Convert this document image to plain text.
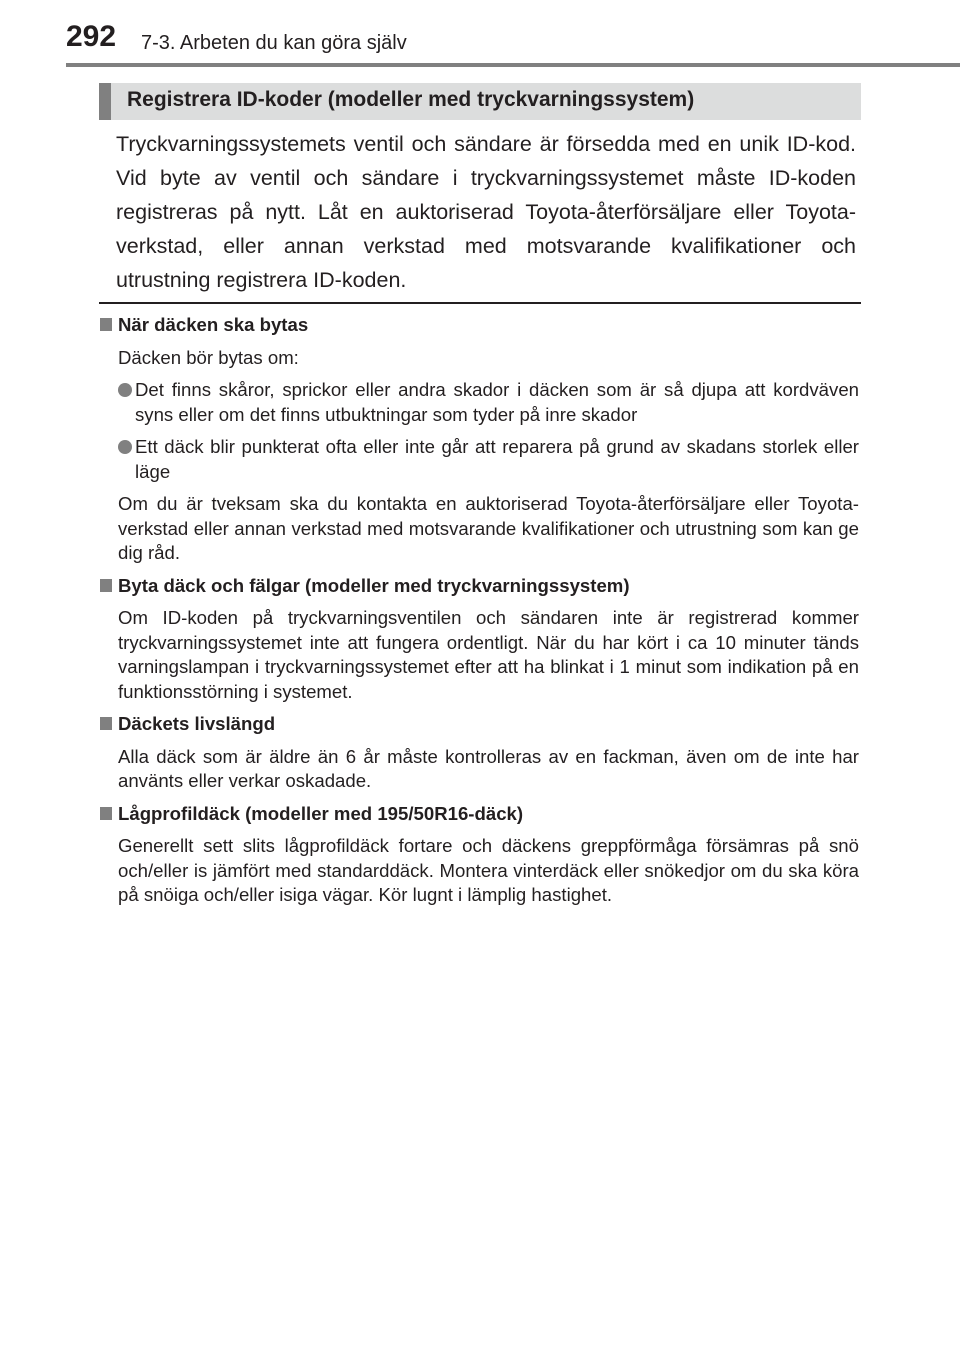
292 7-3. Arbeten du kan göra själv
Registrera ID-koder (modeller med tryckvarningssystem)

Tryckvarningssystemets ventil och sändare är försedda med en unik ID-kod. Vid byte av ventil och sändare i tryckvarningssystemet måste ID-koden registreras på nytt. Låt en auktoriserad Toyota-återförsäljare eller Toyota-verkstad, eller annan verkstad med motsvarande kvalifikationer och utrustning registrera ID-koden.

När däcken ska bytas
Däcken bör bytas om:
Det finns skåror, sprickor eller andra skador i däcken som är så djupa att kordväven syns eller om det finns utbuktningar som tyder på inre skador
Ett däck blir punkterat ofta eller inte går att reparera på grund av skadans storlek eller läge
Om du är tveksam ska du kontakta en auktoriserad Toyota-återförsäljare eller Toyota-verkstad eller annan verkstad med motsvarande kvalifikationer och utrustning som kan ge dig råd.
Byta däck och fälgar (modeller med tryckvarningssystem)
Om ID-koden på tryckvarningsventilen och sändaren inte är registrerad kommer tryckvarningssystemet inte att fungera ordentligt. När du har kört i ca 10 minuter tänds varningslampan i tryckvarningssystemet efter att ha blinkat i 1 minut som indikation på en funktionsstörning i systemet.
Däckets livslängd
Alla däck som är äldre än 6 år måste kontrolleras av en fackman, även om de inte har använts eller verkar oskadade.
Lågprofildäck (modeller med 195/50R16-däck)
Generellt sett slits lågprofildäck fortare och däckens greppförmåga försämras på snö och/eller is jämfört med standarddäck. Montera vinterdäck eller snökedjor om du ska köra på snöiga och/eller isiga vägar. Kör lugnt i lämplig hastighet.
